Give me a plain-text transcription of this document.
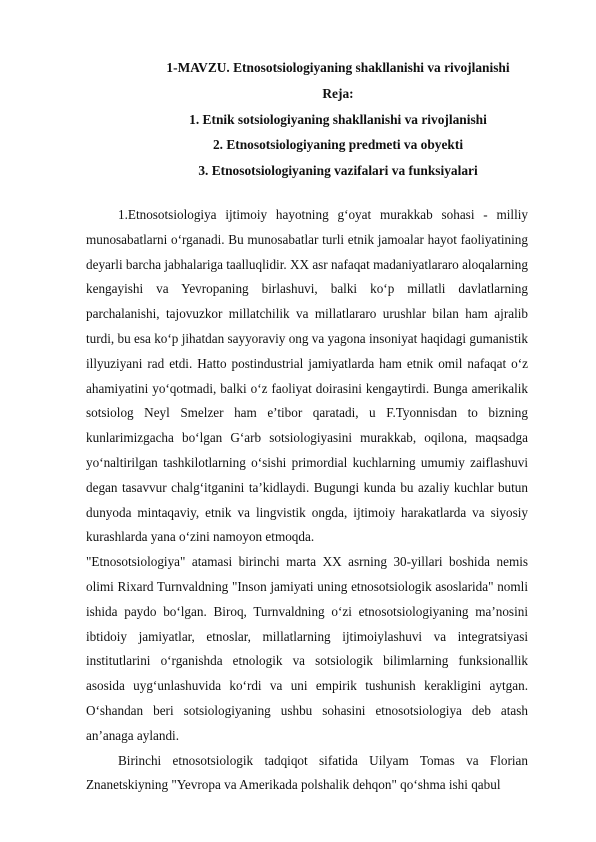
1-MAVZU. Etnosotsiologiyaning shakllanishi va rivojlanishi
Reja:
1. Etnik sotsiologiyaning shakllanishi va rivojlanishi
2. Etnosotsiologiyaning predmeti va obyekti
3. Etnosotsiologiyaning vazifalari va funksiyalari

1.Etnosotsiologiya ijtimoiy hayotning g‘oyat murakkab sohasi - milliy munosabatlarni o‘rganadi. Bu munosabatlar turli etnik jamoalar hayot faoliyatining deyarli barcha jabhalariga taalluqlidir. XX asr nafaqat madaniyatlararo aloqalarning kengayishi va Yevropaning birlashuvi, balki ko‘p millatli davlatlarning parchalanishi, tajovuzkor millatchilik va millatlararo urushlar bilan ham ajralib turdi, bu esa ko‘p jihatdan sayyoraviy ong va yagona insoniyat haqidagi gumanistik illyuziyani rad etdi. Hatto postindustrial jamiyatlarda ham etnik omil nafaqat o‘z ahamiyatini yo‘qotmadi, balki o‘z faoliyat doirasini kengaytirdi. Bunga amerikalik sotsiolog Neyl Smelzer ham e’tibor qaratadi, u F.Tyonnisdan to bizning kunlarimizgacha bo‘lgan G‘arb sotsiologiyasini murakkab, oqilona, maqsadga yo‘naltirilgan tashkilotlarning o‘sishi primordial kuchlarning umumiy zaiflashuvi degan tasavvur chalg‘itganini ta’kidlaydi. Bugungi kunda bu azaliy kuchlar butun dunyoda mintaqaviy, etnik va lingvistik ongda, ijtimoiy harakatlarda va siyosiy kurashlarda yana o‘zini namoyon etmoqda.

"Etnosotsiologiya" atamasi birinchi marta XX asrning 30-yillari boshida nemis olimi Rixard Turnvaldning "Inson jamiyati uning etnosotsiologik asoslarida" nomli ishida paydo bo‘lgan. Biroq, Turnvaldning o‘zi etnosotsiologiyaning ma’nosini ibtidoiy jamiyatlar, etnoslar, millatlarning ijtimoiylashuvi va integratsiyasi institutlarini o‘rganishda etnologik va sotsiologik bilimlarning funksionallik asosida uyg‘unlashuvida ko‘rdi va uni empirik tushunish kerakligini aytgan. O‘shandan beri sotsiologiyaning ushbu sohasini etnosotsiologiya deb atash an’anaga aylandi.

Birinchi etnosotsiologik tadqiqot sifatida Uilyam Tomas va Florian Znanetskiyning "Yevropa va Amerikada polshalik dehqon" qo‘shma ishi qabul
